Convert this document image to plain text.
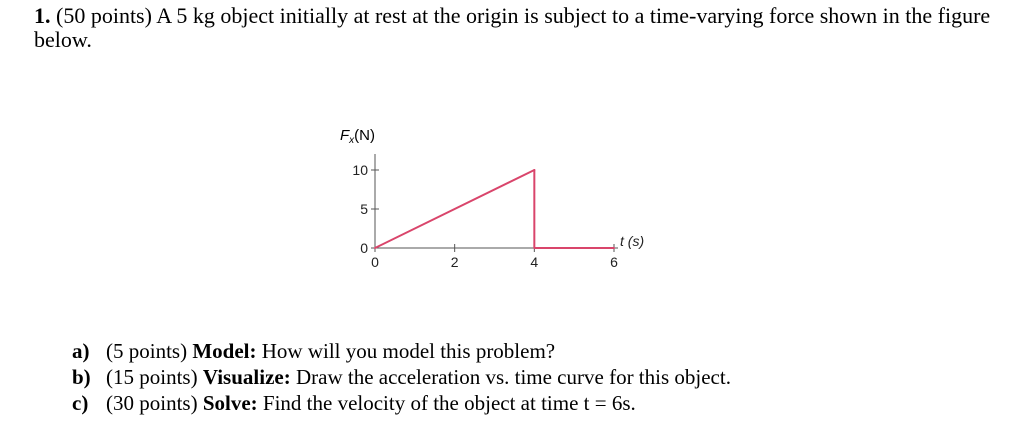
1. (50 points) A 5 kg object initially at rest at the origin is subject to a time-varying force shown in the figure below.
$F_x(N)$
10
5
0
0	2	4	6
t (s)
a) (5 points) Model: How will you model this problem?
b) (15 points) Visualize: Draw the acceleration vs. time curve for this object.
c) (30 points) Solve: Find the velocity of the object at time t = 6s.
